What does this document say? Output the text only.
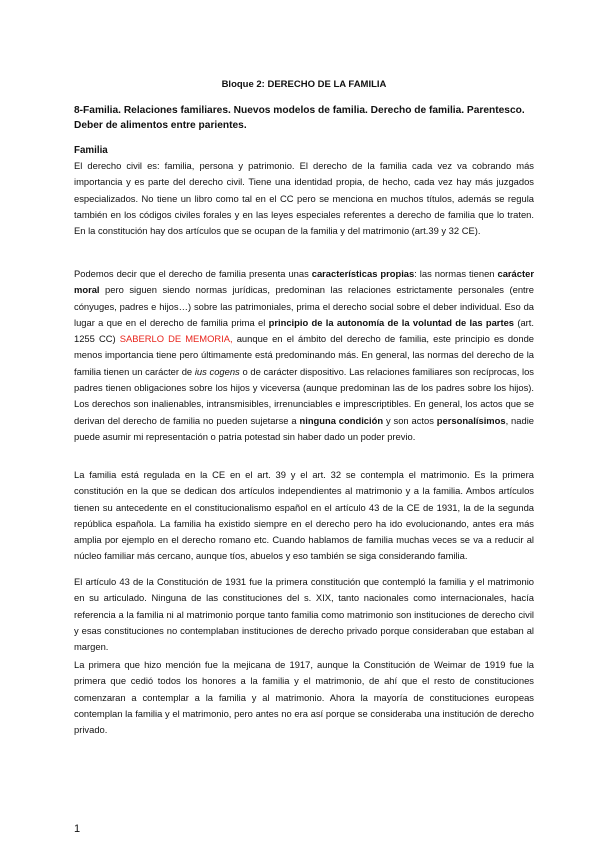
Bloque 2: DERECHO DE LA FAMILIA
8-Familia. Relaciones familiares. Nuevos modelos de familia. Derecho de familia. Parentesco. Deber de alimentos entre parientes.
Familia

El derecho civil es: familia, persona y patrimonio. El derecho de la familia cada vez va cobrando más importancia y es parte del derecho civil. Tiene una identidad propia, de hecho, cada vez hay más juzgados especializados. No tiene un libro como tal en el CC pero se menciona en muchos títulos, además se regula también en los códigos civiles forales y en las leyes especiales referentes a derecho de familia que lo traten. En la constitución hay dos artículos que se ocupan de la familia y del matrimonio (art.39 y 32 CE).

Podemos decir que el derecho de familia presenta unas características propias: las normas tienen carácter moral pero siguen siendo normas jurídicas, predominan las relaciones estrictamente personales (entre cónyuges, padres e hijos…) sobre las patrimoniales, prima el derecho social sobre el deber individual. Eso da lugar a que en el derecho de familia prima el principio de la autonomía de la voluntad de las partes (art. 1255 CC) SABERLO DE MEMORIA, aunque en el ámbito del derecho de familia, este principio es donde menos importancia tiene pero últimamente está predominando más. En general, las normas del derecho de la familia tienen un carácter de ius cogens o de carácter dispositivo. Las relaciones familiares son recíprocas, los padres tienen obligaciones sobre los hijos y viceversa (aunque predominan las de los padres sobre los hijos). Los derechos son inalienables, intransmisibles, irrenunciables e imprescriptibles. En general, los actos que se derivan del derecho de familia no pueden sujetarse a ninguna condición y son actos personalísimos, nadie puede asumir mi representación o patria potestad sin haber dado un poder previo.

La familia está regulada en la CE en el art. 39 y el art. 32 se contempla el matrimonio. Es la primera constitución en la que se dedican dos artículos independientes al matrimonio y a la familia. Ambos artículos tienen su antecedente en el constitucionalismo español en el artículo 43 de la CE de 1931, la de la segunda república española. La familia ha existido siempre en el derecho pero ha ido evolucionando, antes era más amplia por ejemplo en el derecho romano etc. Cuando hablamos de familia muchas veces se va a reducir al núcleo familiar más cercano, aunque tíos, abuelos y eso también se siga considerando familia.

El artículo 43 de la Constitución de 1931 fue la primera constitución que contempló la familia y el matrimonio en su articulado. Ninguna de las constituciones del s. XIX, tanto nacionales como internacionales, hacía referencia a la familia ni al matrimonio porque tanto familia como matrimonio son instituciones de derecho civil y esas constituciones no contemplaban instituciones de derecho privado porque consideraban que estaban al margen.

La primera que hizo mención fue la mejicana de 1917, aunque la Constitución de Weimar de 1919 fue la primera que cedió todos los honores a la familia y el matrimonio, de ahí que el resto de constituciones comenzaran a contemplar a la familia y al matrimonio. Ahora la mayoría de constituciones europeas contemplan la familia y el matrimonio, pero antes no era así porque se consideraba una institución de derecho privado.

1
